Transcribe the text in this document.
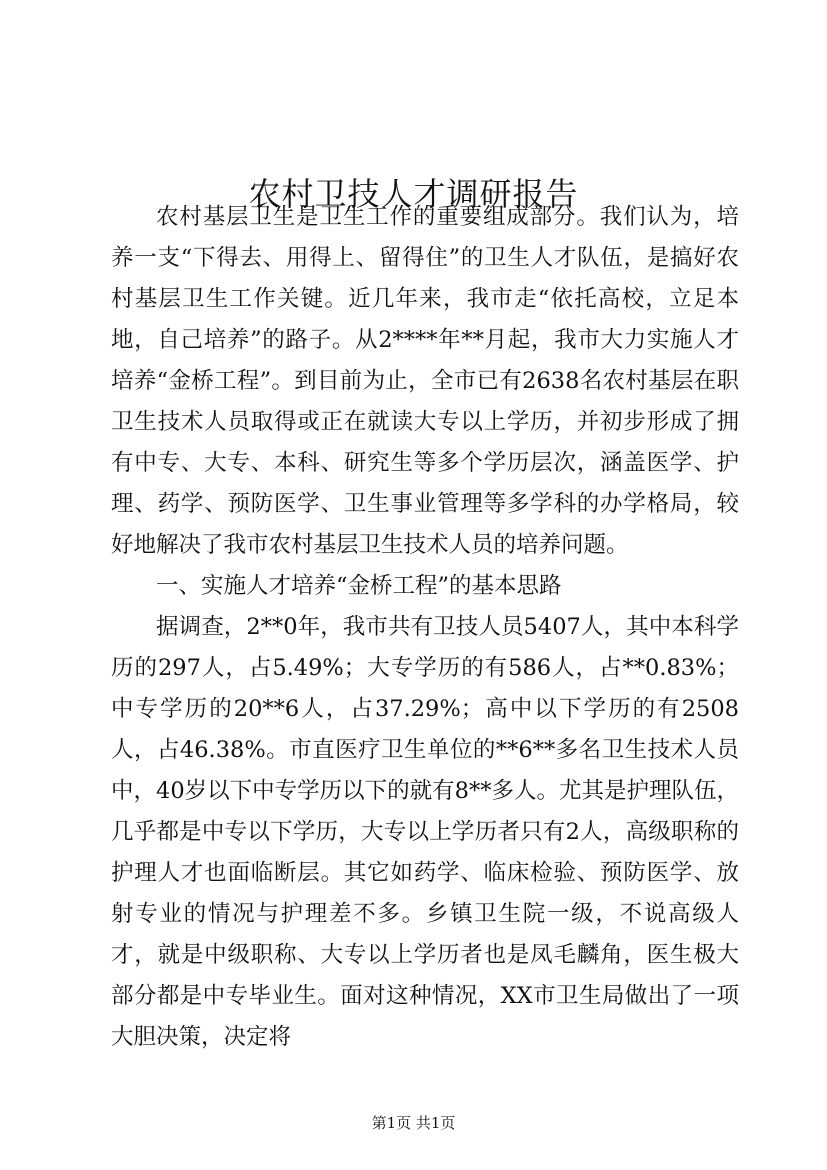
农村卫技人才调研报告

农村基层卫生是卫生工作的重要组成部分。我们认为，培养一支“下得去、用得上、留得住”的卫生人才队伍，是搞好农村基层卫生工作关键。近几年来，我市走“依托高校，立足本地，自己培养”的路子。从2****年**月起，我市大力实施人才培养“金桥工程”。到目前为止，全市已有2638名农村基层在职卫生技术人员取得或正在就读大专以上学历，并初步形成了拥有中专、大专、本科、研究生等多个学历层次，涵盖医学、护理、药学、预防医学、卫生事业管理等多学科的办学格局，较好地解决了我市农村基层卫生技术人员的培养问题。

一、实施人才培养“金桥工程”的基本思路

据调查，2**0年，我市共有卫技人员5407人，其中本科学历的297人，占5.49%；大专学历的有586人，占**0.83%；中专学历的20**6人，占37.29%；高中以下学历的有2508人，占46.38%。市直医疗卫生单位的**6**多名卫生技术人员中，40岁以下中专学历以下的就有8**多人。尤其是护理队伍，几乎都是中专以下学历，大专以上学历者只有2人，高级职称的护理人才也面临断层。其它如药学、临床检验、预防医学、放射专业的情况与护理差不多。乡镇卫生院一级，不说高级人才，就是中级职称、大专以上学历者也是凤毛麟角，医生极大部分都是中专毕业生。面对这种情况，XX市卫生局做出了一项大胆决策，决定将

第1页 共1页
